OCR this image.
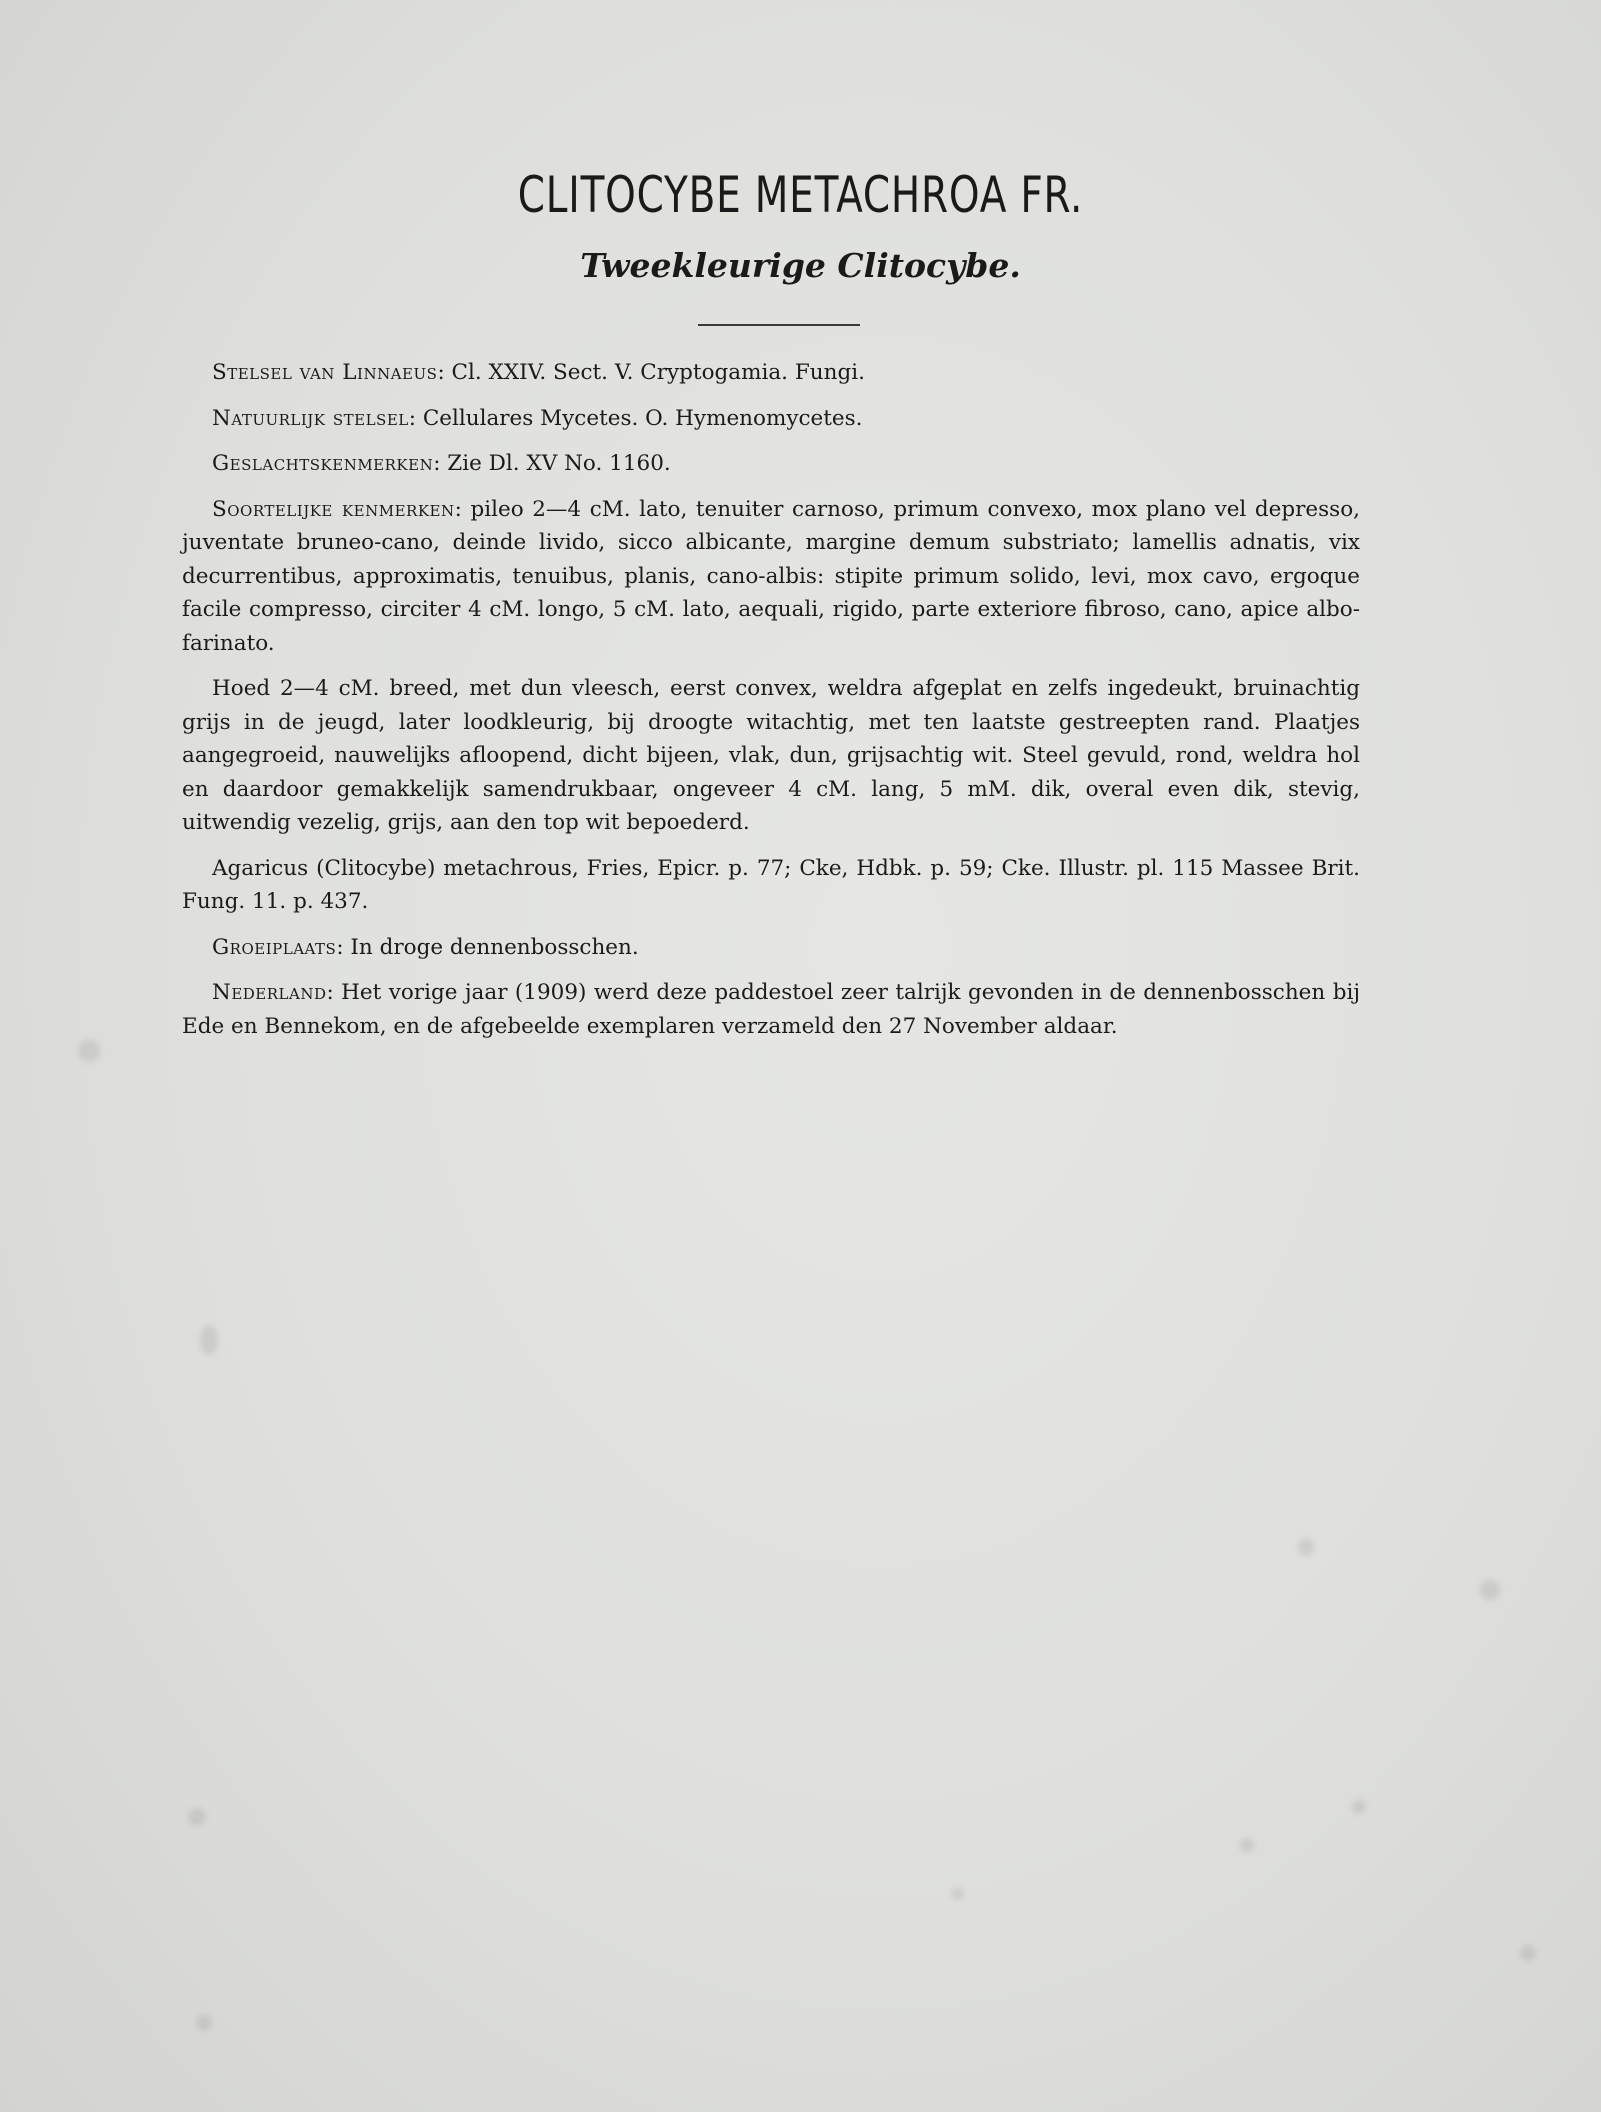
CLITOCYBE METACHROA FR.
Tweekleurige Clitocybe.

Stelsel van Linnaeus: Cl. XXIV. Sect. V. Cryptogamia. Fungi.

Natuurlijk stelsel: Cellulares Mycetes. O. Hymenomycetes.

Geslachtskenmerken: Zie Dl. XV No. 1160.

Soortelijke kenmerken: pileo 2—4 cM. lato, tenuiter carnoso, primum convexo, mox plano vel depresso, juventate bruneo-cano, deinde livido, sicco albicante, margine demum substriato; lamellis adnatis, vix decurrentibus, approximatis, tenuibus, planis, cano-albis: stipite primum solido, levi, mox cavo, ergoque facile compresso, circiter 4 cM. longo, 5 cM. lato, aequali, rigido, parte exteriore fibroso, cano, apice albo-farinato.

Hoed 2—4 cM. breed, met dun vleesch, eerst convex, weldra afgeplat en zelfs ingedeukt, bruinachtig grijs in de jeugd, later loodkleurig, bij droogte witachtig, met ten laatste gestreepten rand. Plaatjes aangegroeid, nauwelijks afloopend, dicht bijeen, vlak, dun, grijsachtig wit. Steel gevuld, rond, weldra hol en daardoor gemakkelijk samendrukbaar, ongeveer 4 cM. lang, 5 mM. dik, overal even dik, stevig, uitwendig vezelig, grijs, aan den top wit bepoederd.

Agaricus (Clitocybe) metachrous, Fries, Epicr. p. 77; Cke, Hdbk. p. 59; Cke. Illustr. pl. 115 Massee Brit. Fung. 11. p. 437.

Groeiplaats: In droge dennenbosschen.

Nederland: Het vorige jaar (1909) werd deze paddestoel zeer talrijk gevonden in de dennenbosschen bij Ede en Bennekom, en de afgebeelde exemplaren verzameld den 27 November aldaar.
